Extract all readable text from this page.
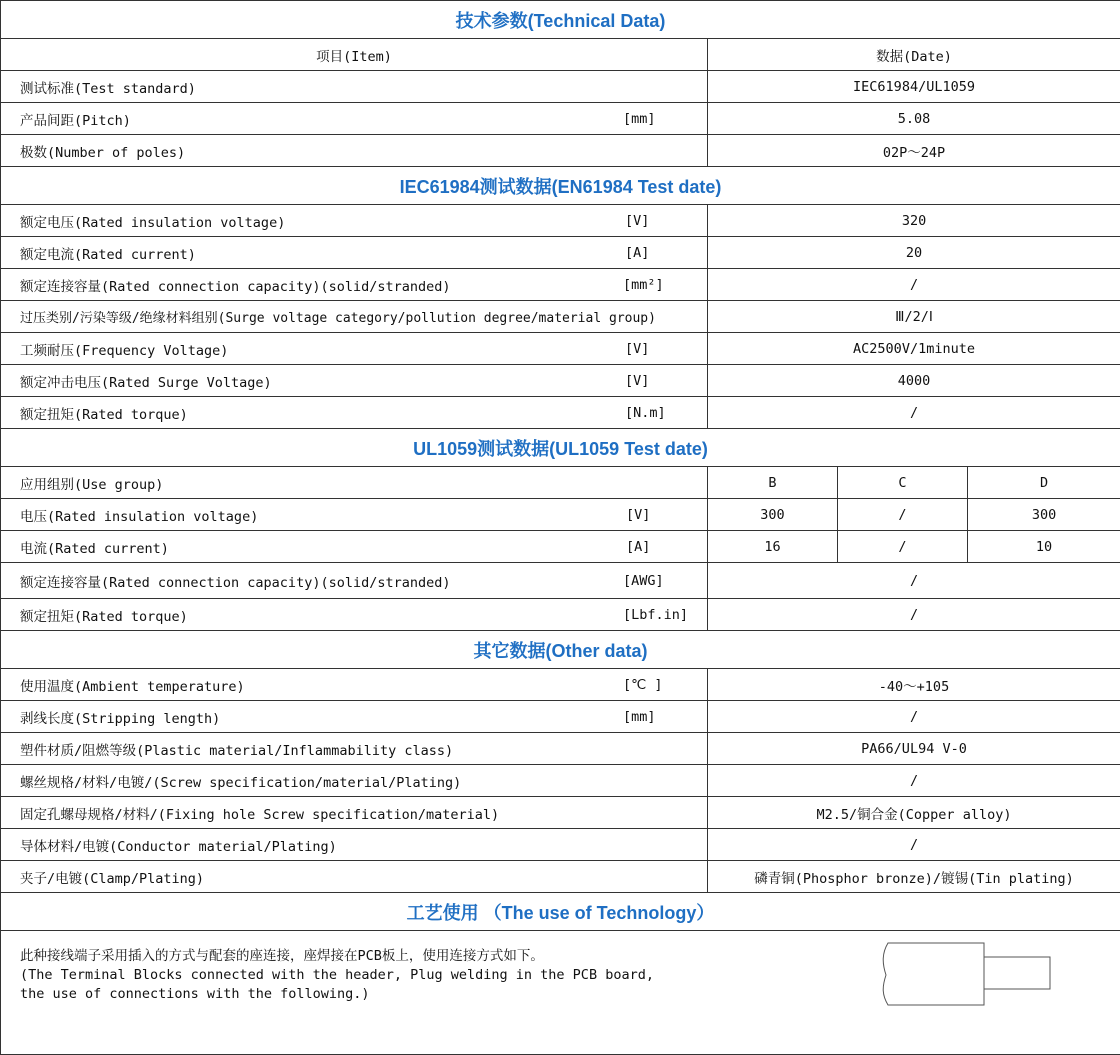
技术参数(Technical Data)			
项目(Item)	数据(Date)		
测试标准(Test standard)	IEC61984/UL1059		
产品间距(Pitch) [mm]	5.08		
极数(Number of poles)	02P～24P		
IEC61984测试数据(EN61984 Test date)			
额定电压(Rated insulation voltage) [V]	320		
额定电流(Rated current) [A]	20		
额定连接容量(Rated connection capacity)(solid/stranded) [mm²]	/		
过压类别/污染等级/绝缘材料组别(Surge voltage category/pollution degree/material group)	Ⅲ/2/Ⅰ		
工频耐压(Frequency Voltage) [V]	AC2500V/1minute		
额定冲击电压(Rated Surge Voltage) [V]	4000		
额定扭矩(Rated torque) [N.m]	/		
UL1059测试数据(UL1059 Test date)			
应用组别(Use group)	B	C	D
电压(Rated insulation voltage) [V]	300	/	300
电流(Rated current) [A]	16	/	10
额定连接容量(Rated connection capacity)(solid/stranded) [AWG]	/		
额定扭矩(Rated torque) [Lbf.in]	/		
其它数据(Other data)			
使用温度(Ambient temperature) [℃ ]	-40～+105		
剥线长度(Stripping length) [mm]	/		
塑件材质/阻燃等级(Plastic material/Inflammability class)	PA66/UL94 V-0		
螺丝规格/材料/电镀/(Screw specification/material/Plating)	/		
固定孔螺母规格/材料/(Fixing hole Screw specification/material)	M2.5/铜合金(Copper alloy)		
导体材料/电镀(Conductor material/Plating)	/		
夹子/电镀(Clamp/Plating)	磷青铜(Phosphor bronze)/镀锡(Tin plating)		
工艺使用 （The use of Technology）			

此种接线端子采用插入的方式与配套的座连接，座焊接在PCB板上，使用连接方式如下。
(The Terminal Blocks connected with the header, Plug welding in the PCB board,
the use of connections with the following.)			
